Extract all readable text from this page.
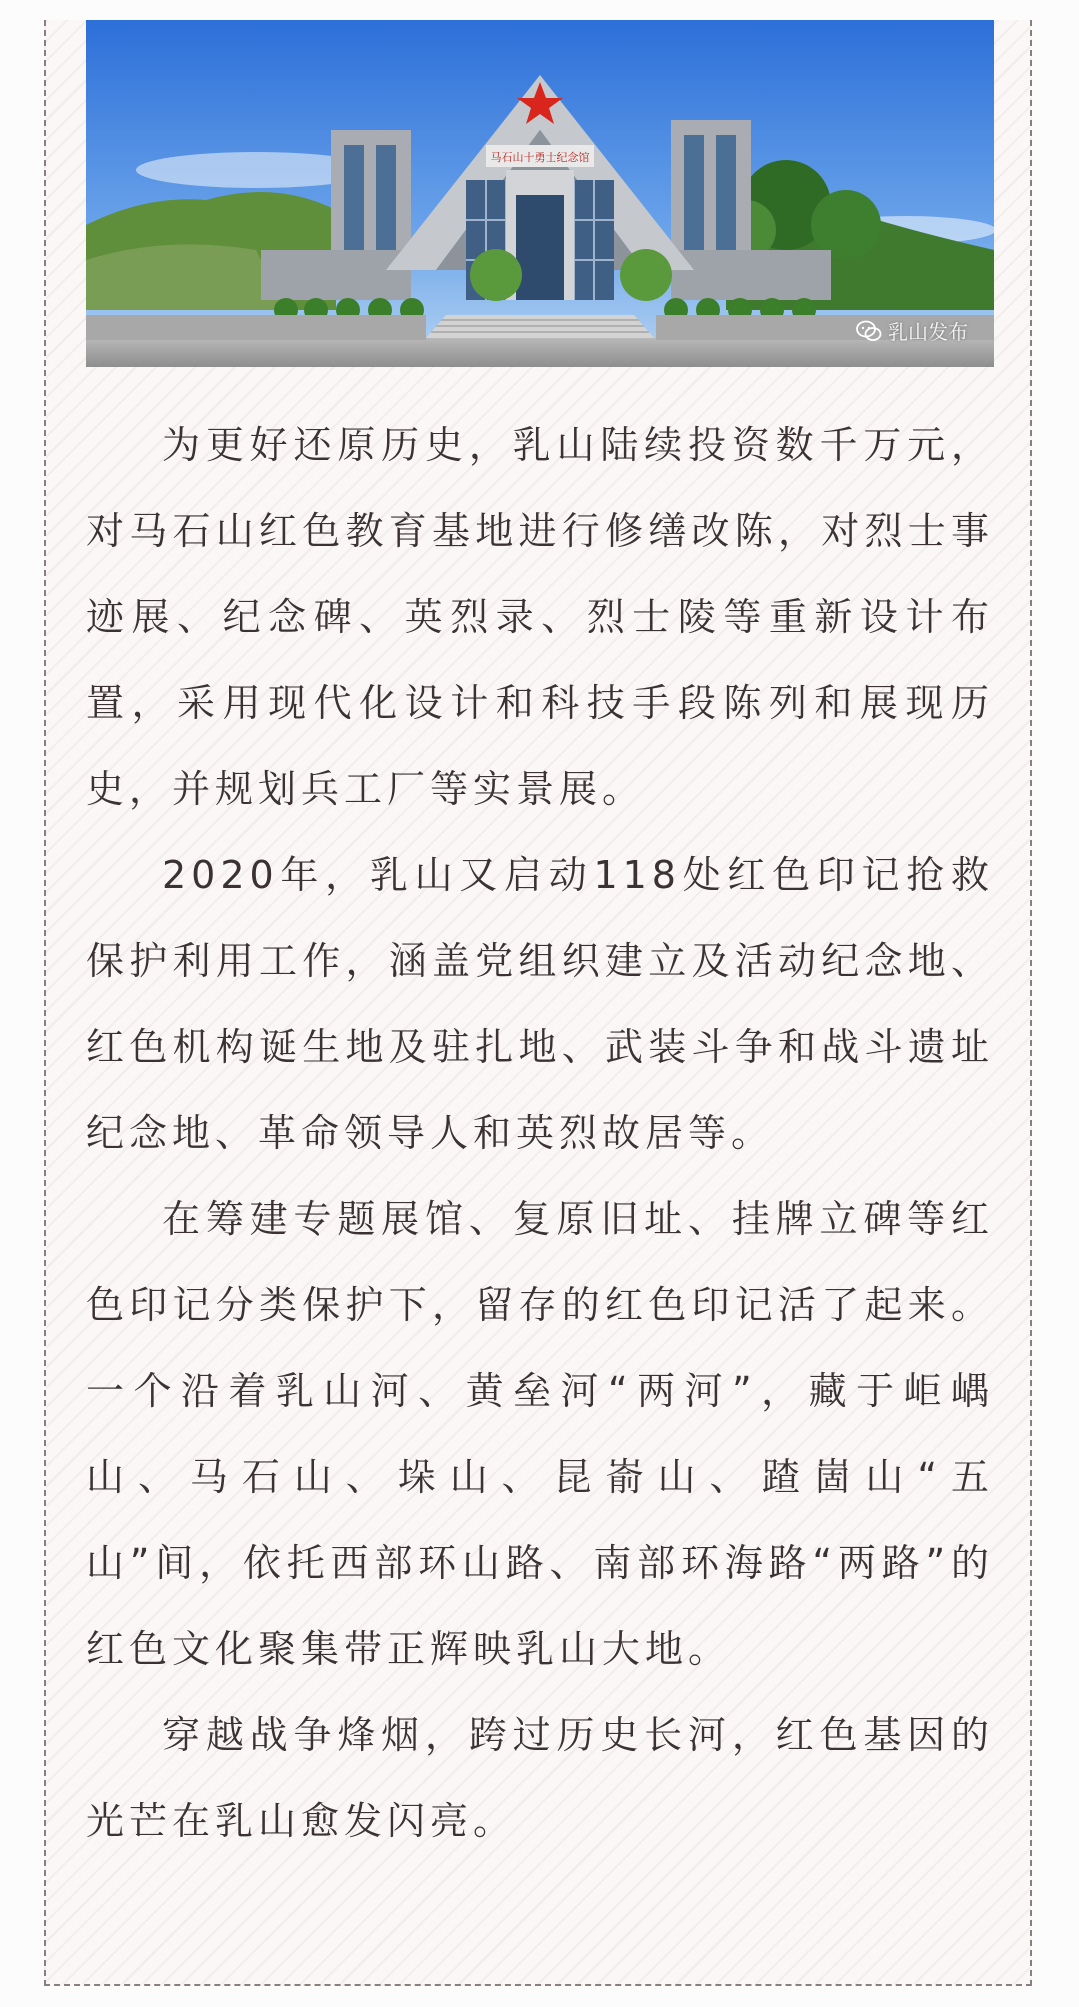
马石山十勇士纪念馆
乳山发布

为更好还原历史，乳山陆续投资数千万元，对马石山红色教育基地进行修缮改陈，对烈士事迹展、纪念碑、英烈录、烈士陵等重新设计布置，采用现代化设计和科技手段陈列和展现历史，并规划兵工厂等实景展。

2020年，乳山又启动118处红色印记抢救保护利用工作，涵盖党组织建立及活动纪念地、红色机构诞生地及驻扎地、武装斗争和战斗遗址纪念地、革命领导人和英烈故居等。

在筹建专题展馆、复原旧址、挂牌立碑等红色印记分类保护下，留存的红色印记活了起来。一个沿着乳山河、黄垒河“两河”，藏于岠嵎山、马石山、垛山、昆嵛山、蹅崮山“五山”间，依托西部环山路、南部环海路“两路”的红色文化聚集带正辉映乳山大地。

穿越战争烽烟，跨过历史长河，红色基因的光芒在乳山愈发闪亮。
